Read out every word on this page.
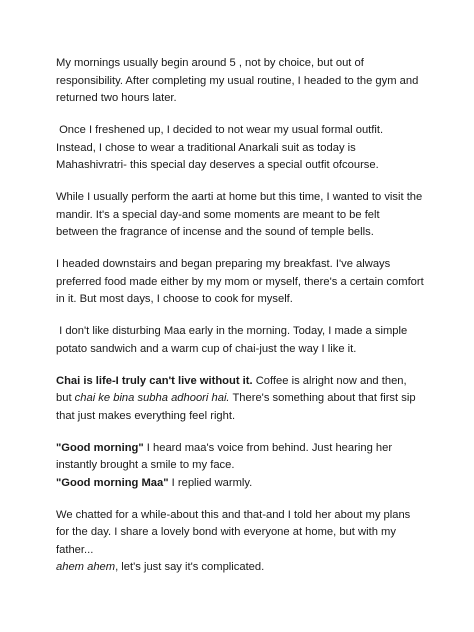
My mornings usually begin around 5 , not by choice, but out of responsibility. After completing my usual routine, I headed to the gym and returned two hours later.

Once I freshened up, I decided to not wear my usual formal outfit. Instead, I chose to wear a traditional Anarkali suit as today is Mahashivratri- this special day deserves a special outfit ofcourse.

While I usually perform the aarti at home but this time, I wanted to visit the mandir. It's a special day-and some moments are meant to be felt between the fragrance of incense and the sound of temple bells.

I headed downstairs and began preparing my breakfast. I've always preferred food made either by my mom or myself, there's a certain comfort in it. But most days, I choose to cook for myself.

I don't like disturbing Maa early in the morning. Today, I made a simple potato sandwich and a warm cup of chai-just the way I like it.

Chai is life-I truly can't live without it. Coffee is alright now and then, but chai ke bina subha adhoori hai. There's something about that first sip that just makes everything feel right.

"Good morning" I heard maa's voice from behind. Just hearing her instantly brought a smile to my face.

"Good morning Maa" I replied warmly.

We chatted for a while-about this and that-and I told her about my plans for the day. I share a lovely bond with everyone at home, but with my father...
ahem ahem, let's just say it's complicated.
